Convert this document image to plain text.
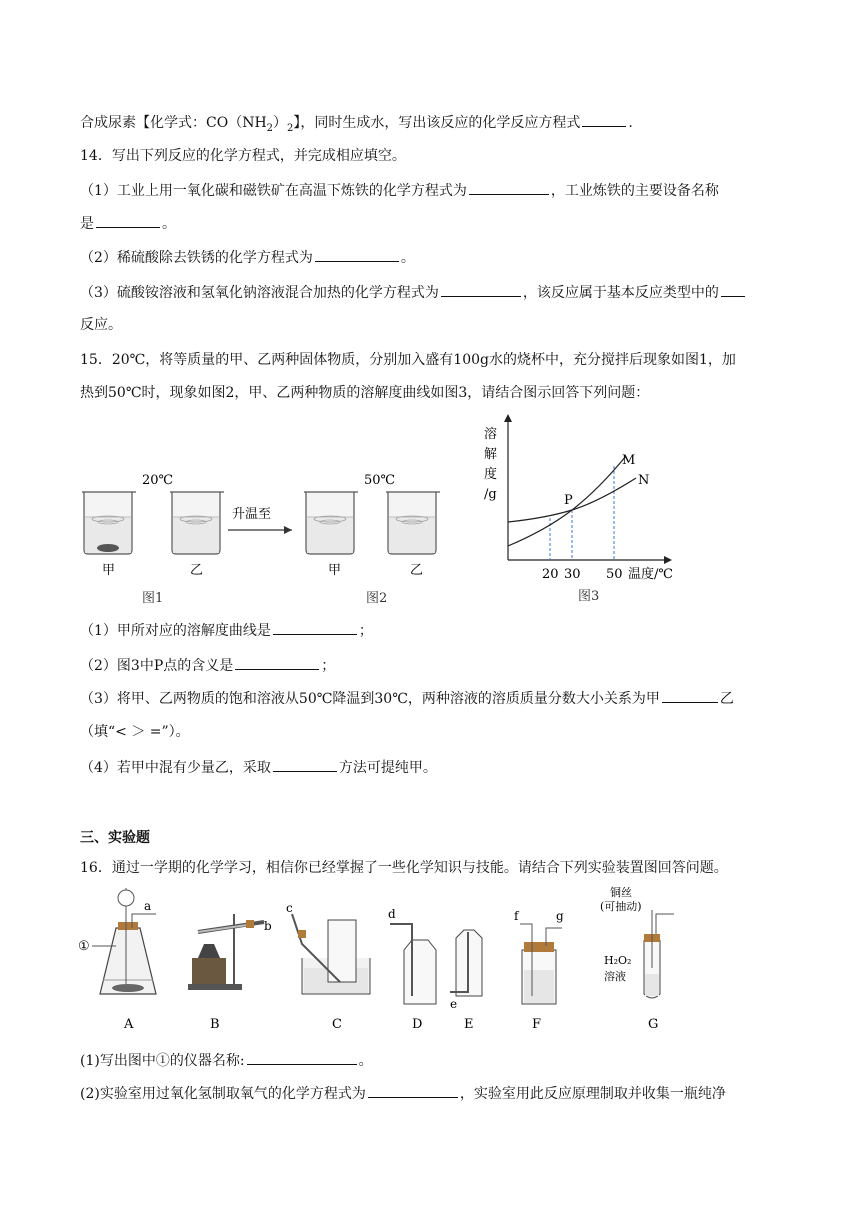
合成尿素【化学式：$CO(NH_2)_2$】，同时生成水，写出该反应的化学反应方程式	.
14．写出下列反应的化学方程式，并完成相应填空。
（1）工业上用一氧化碳和磁铁矿在高温下炼铁的化学方程式为	，工业炼铁的主要设备名称
是	。
（2）稀硫酸除去铁锈的化学方程式为	。
（3）硫酸铵溶液和氢氧化钠溶液混合加热的化学方程式为	，该反应属于基本反应类型中的
反应。
15．20℃，将等质量的甲、乙两种固体物质，分别加入盛有100g水的烧杯中，充分搅拌后现象如图1，加
热到50℃时，现象如图2，甲、乙两种物质的溶解度曲线如图3，请结合图示回答下列问题：
20℃
甲	乙
图1
升温至
50℃
甲	乙
图2
溶
解
度
/g
M
N
P
20 30 50 温度/℃
图3
（1）甲所对应的溶解度曲线是	；
（2）图3中P点的含义是	；
（3）将甲、乙两物质的饱和溶液从50℃降温到30℃，两种溶液的溶质质量分数大小关系为甲	乙
（填“< ＞ =”）。
（4）若甲中混有少量乙，采取	方法可提纯甲。
三、实验题
16．通过一学期的化学学习，相信你已经掌握了一些化学知识与技能。请结合下列实验装置图回答问题。
a
①
A
b
B
c
C
d
D
e
E
f	g
F
铜丝
(可抽动)
H₂O₂
溶液
G
(1)写出图中①的仪器名称:	。
(2)实验室用过氧化氢制取氧气的化学方程式为	，实验室用此反应原理制取并收集一瓶纯净
